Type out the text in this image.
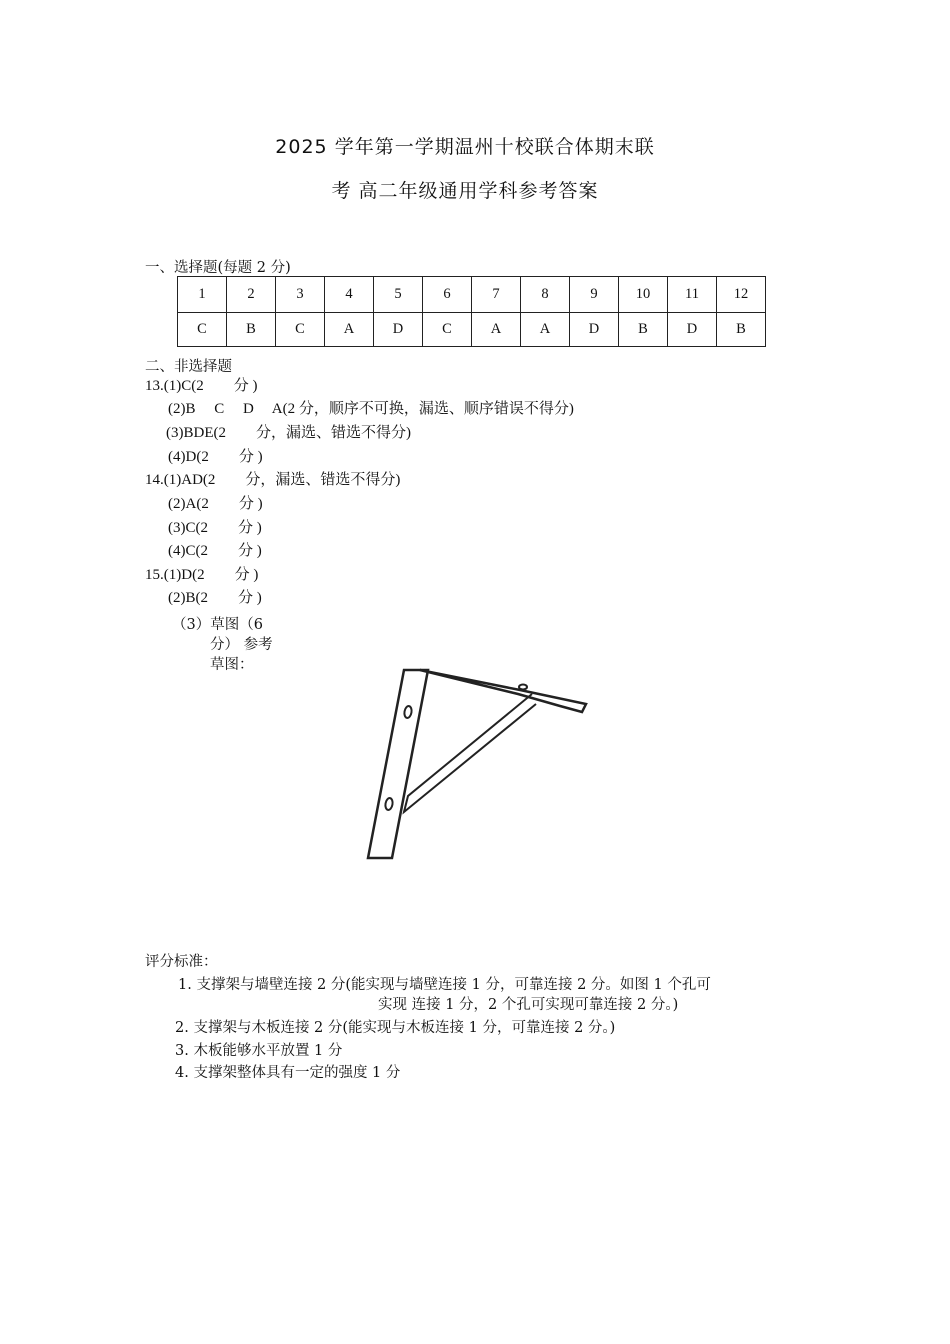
2025 学年第一学期温州十校联合体期末联
考 高二年级通用学科参考答案
一、选择题(每题 2 分)
1	2	3	4	5	6	7	8	9	10	11	12
C	B	C	A	D	C	A	A	D	B	D	B
二、非选择题
13.(1)C(2　　分 )
(2)B　 C　 D　 A(2 分，顺序不可换，漏选、顺序错误不得分)
(3)BDE(2　　分，漏选、错选不得分)
(4)D(2　　分 )
14.(1)AD(2　　分，漏选、错选不得分)
(2)A(2　　分 )
(3)C(2　　分 )
(4)C(2　　分 )
15.(1)D(2　　分 )
(2)B(2　　分 )
（3）草图（6
分） 参考
草图：
评分标准：
1. 支撑架与墙壁连接 2 分(能实现与墙壁连接 1 分，可靠连接 2 分。如图 1 个孔可
实现 连接 1 分，2 个孔可实现可靠连接 2 分。)
2. 支撑架与木板连接 2 分(能实现与木板连接 1 分，可靠连接 2 分。)
3. 木板能够水平放置 1 分
4. 支撑架整体具有一定的强度 1 分
